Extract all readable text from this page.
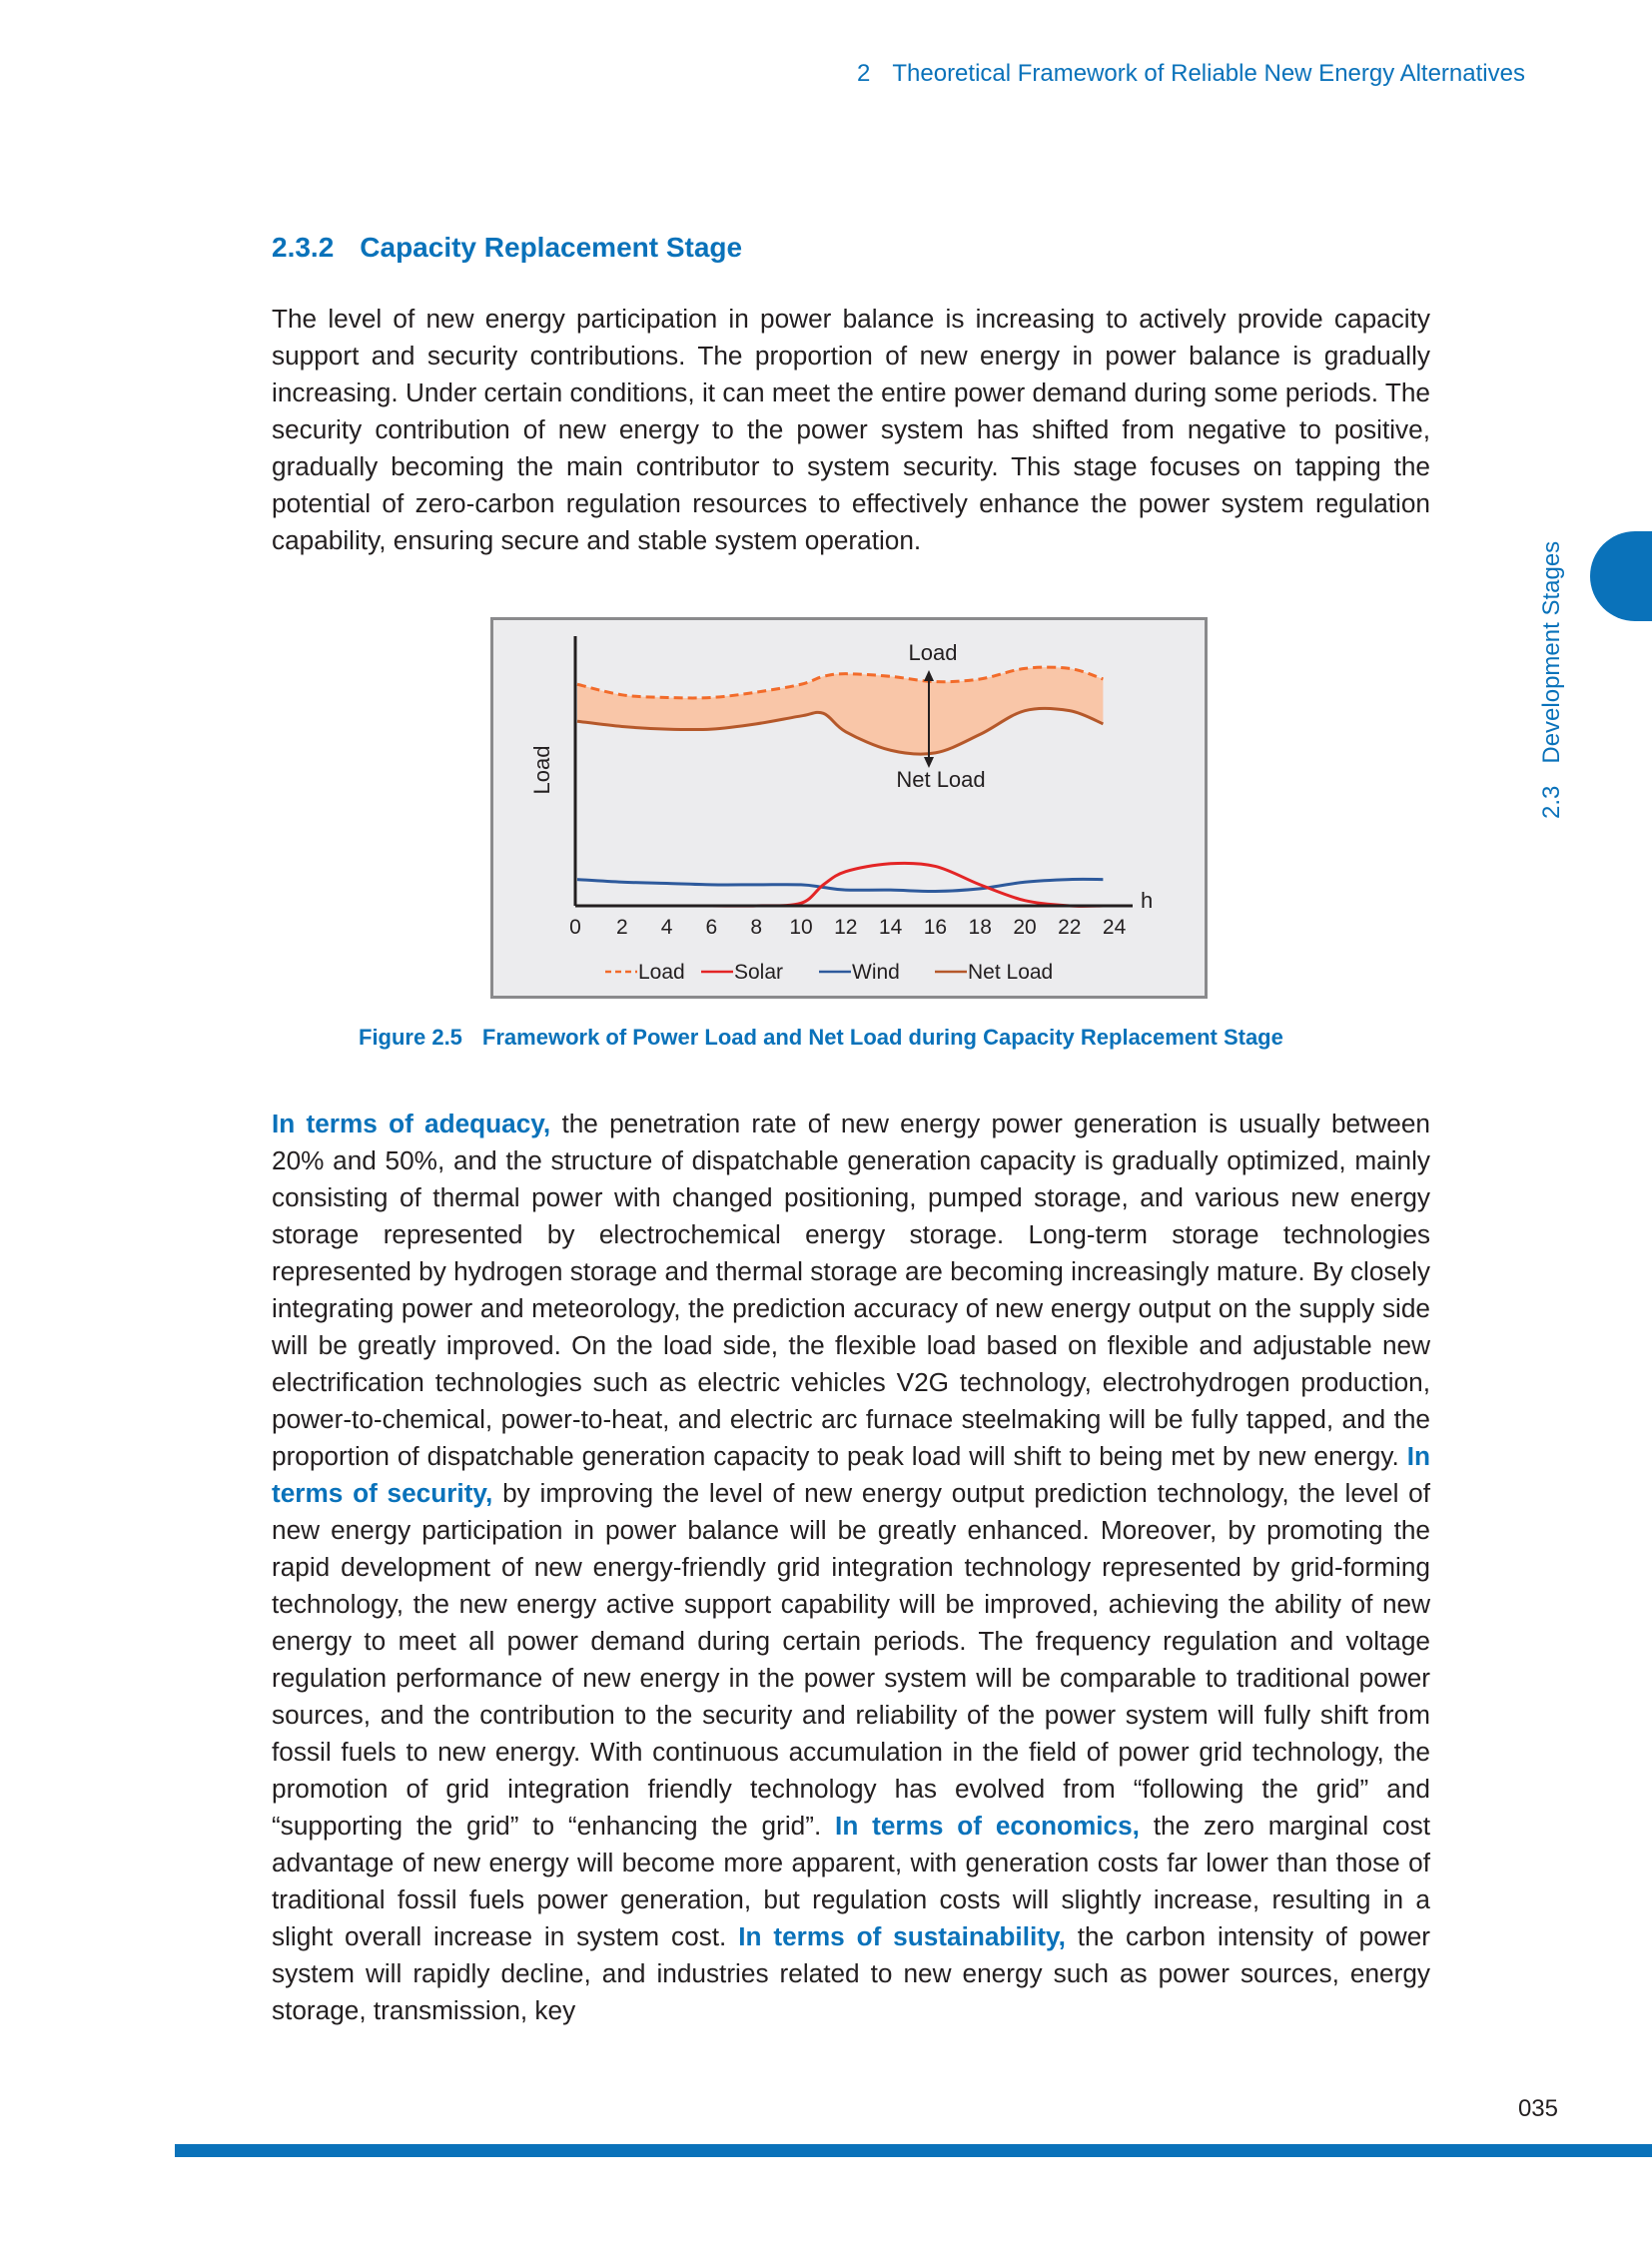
2 Theoretical Framework of Reliable New Energy Alternatives
2.3.2 Capacity Replacement Stage

The level of new energy participation in power balance is increasing to actively provide capacity support and security contributions. The proportion of new energy in power balance is gradually increasing. Under certain conditions, it can meet the entire power demand during some periods. The security contribution of new energy to the power system has shifted from negative to positive, gradually becoming the main contributor to system security. This stage focuses on tapping the potential of zero-carbon regulation resources to effectively enhance the power system regulation capability, ensuring secure and stable system operation.

2.3Development Stages
0 2 4 6 8 10 12 14 16 18 20 22 24
h
Load
Load
Net Load
Load Solar	Wind	Net Load
Figure 2.5 Framework of Power Load and Net Load during Capacity Replacement Stage

In terms of adequacy, the penetration rate of new energy power generation is usually between 20% and 50%, and the structure of dispatchable generation capacity is gradually optimized, mainly consisting of thermal power with changed positioning, pumped storage, and various new energy storage represented by electrochemical energy storage. Long-term storage technologies represented by hydrogen storage and thermal storage are becoming increasingly mature. By closely integrating power and meteorology, the prediction accuracy of new energy output on the supply side will be greatly improved. On the load side, the flexible load based on flexible and adjustable new electrification technologies such as electric vehicles V2G technology, electrohydrogen production, power-to-chemical, power-to-heat, and electric arc furnace steelmaking will be fully tapped, and the proportion of dispatchable generation capacity to peak load will shift to being met by new energy. In terms of security, by improving the level of new energy output prediction technology, the level of new energy participation in power balance will be greatly enhanced. Moreover, by promoting the rapid development of new energy-friendly grid integration technology represented by grid-forming technology, the new energy active support capability will be improved, achieving the ability of new energy to meet all power demand during certain periods. The frequency regulation and voltage regulation performance of new energy in the power system will be comparable to traditional power sources, and the contribution to the security and reliability of the power system will fully shift from fossil fuels to new energy. With continuous accumulation in the field of power grid technology, the promotion of grid integration friendly technology has evolved from “following the grid” and “supporting the grid” to “enhancing the grid”. In terms of economics, the zero marginal cost advantage of new energy will become more apparent, with generation costs far lower than those of traditional fossil fuels power generation, but regulation costs will slightly increase, resulting in a slight overall increase in system cost. In terms of sustainability, the carbon intensity of power system will rapidly decline, and industries related to new energy such as power sources, energy storage, transmission, key

035
